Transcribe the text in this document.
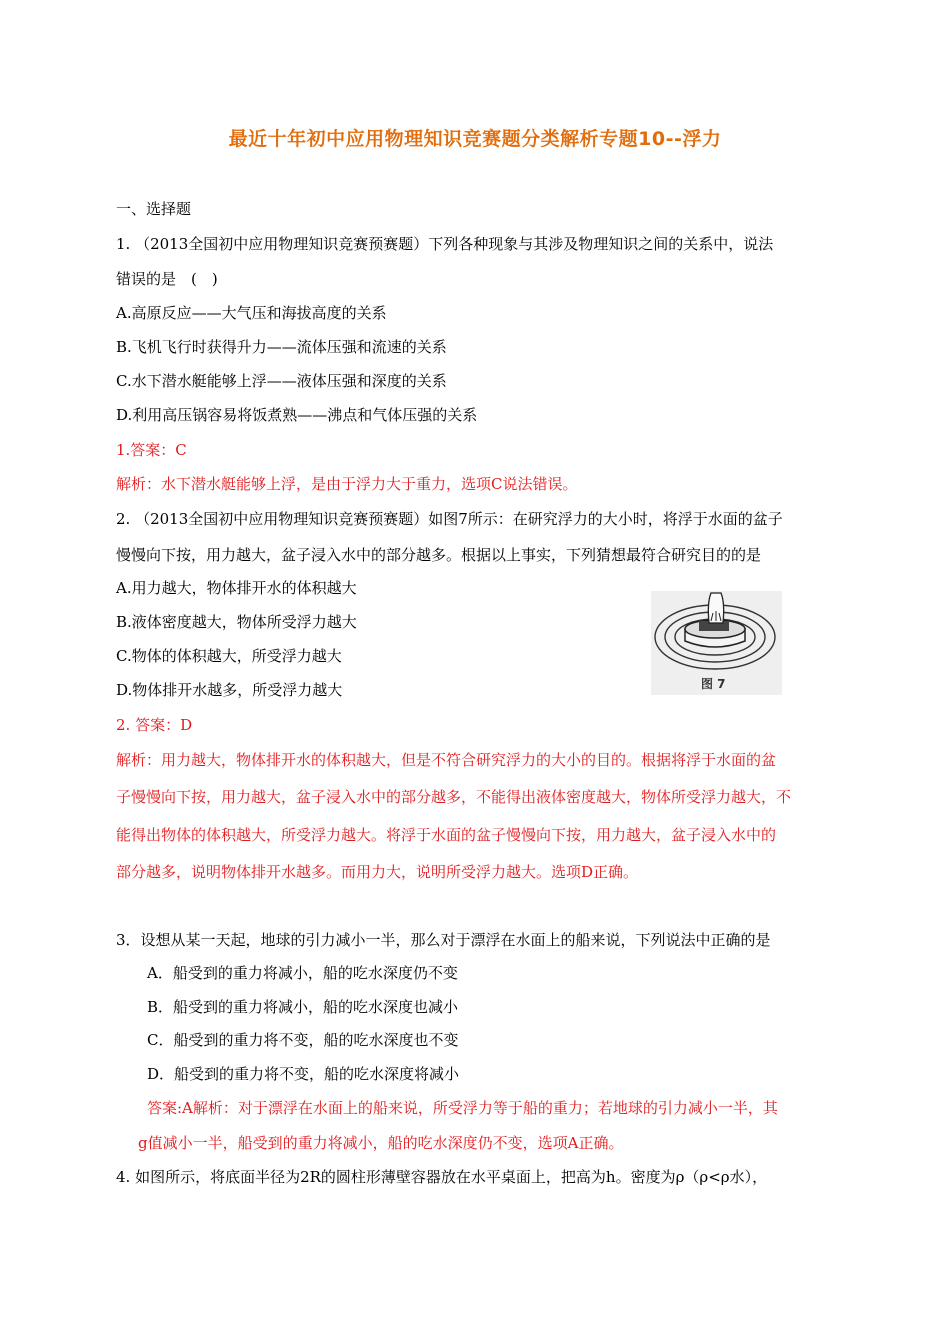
最近十年初中应用物理知识竞赛题分类解析专题10--浮力
一、选择题
1. （2013全国初中应用物理知识竞赛预赛题）下列各种现象与其涉及物理知识之间的关系中，说法
错误的是　(　)
A.高原反应——大气压和海拔高度的关系
B.飞机飞行时获得升力——流体压强和流速的关系
C.水下潜水艇能够上浮——液体压强和深度的关系
D.利用高压锅容易将饭煮熟——沸点和气体压强的关系
1.答案：C
解析：水下潜水艇能够上浮，是由于浮力大于重力，选项C说法错误。
2. （2013全国初中应用物理知识竞赛预赛题）如图7所示：在研究浮力的大小时，将浮于水面的盆子
慢慢向下按，用力越大，盆子浸入水中的部分越多。根据以上事实，下列猜想最符合研究目的的是
A.用力越大，物体排开水的体积越大
B.液体密度越大，物体所受浮力越大
C.物体的体积越大，所受浮力越大
D.物体排开水越多，所受浮力越大	图 7
2. 答案：D
解析：用力越大，物体排开水的体积越大，但是不符合研究浮力的大小的目的。根据将浮于水面的盆
子慢慢向下按，用力越大，盆子浸入水中的部分越多，不能得出液体密度越大，物体所受浮力越大，不
能得出物体的体积越大，所受浮力越大。将浮于水面的盆子慢慢向下按，用力越大，盆子浸入水中的
部分越多，说明物体排开水越多。而用力大，说明所受浮力越大。选项D正确。
3．设想从某一天起，地球的引力减小一半，那么对于漂浮在水面上的船来说，下列说法中正确的是
A．船受到的重力将减小，船的吃水深度仍不变
B．船受到的重力将减小，船的吃水深度也减小
C．船受到的重力将不变，船的吃水深度也不变
D．船受到的重力将不变，船的吃水深度将减小
答案:A解析：对于漂浮在水面上的船来说，所受浮力等于船的重力；若地球的引力减小一半，其
g值减小一半，船受到的重力将减小，船的吃水深度仍不变，选项A正确。
4. 如图所示，将底面半径为2R的圆柱形薄壁容器放在水平桌面上，把高为h。密度为ρ（ρ<ρ水），
